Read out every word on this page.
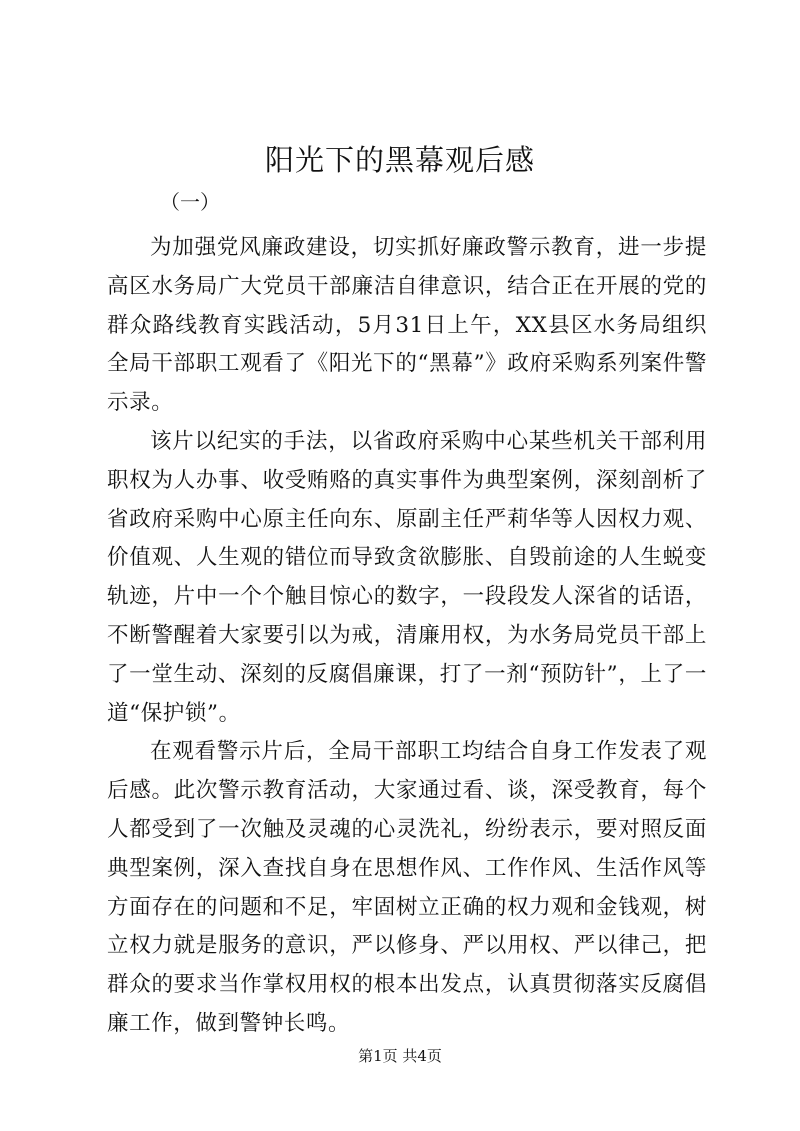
阳光下的黑幕观后感

（一）

为加强党风廉政建设，切实抓好廉政警示教育，进一步提高区水务局广大党员干部廉洁自律意识，结合正在开展的党的群众路线教育实践活动，5月31日上午，XX县区水务局组织全局干部职工观看了《阳光下的“黑幕”》政府采购系列案件警示录。

该片以纪实的手法，以省政府采购中心某些机关干部利用职权为人办事、收受贿赂的真实事件为典型案例，深刻剖析了省政府采购中心原主任向东、原副主任严莉华等人因权力观、价值观、人生观的错位而导致贪欲膨胀、自毁前途的人生蜕变轨迹，片中一个个触目惊心的数字，一段段发人深省的话语，不断警醒着大家要引以为戒，清廉用权，为水务局党员干部上了一堂生动、深刻的反腐倡廉课，打了一剂“预防针”，上了一道“保护锁”。

在观看警示片后，全局干部职工均结合自身工作发表了观后感。此次警示教育活动，大家通过看、谈，深受教育，每个人都受到了一次触及灵魂的心灵洗礼，纷纷表示，要对照反面典型案例，深入查找自身在思想作风、工作作风、生活作风等方面存在的问题和不足，牢固树立正确的权力观和金钱观，树立权力就是服务的意识，严以修身、严以用权、严以律己，把群众的要求当作掌权用权的根本出发点，认真贯彻落实反腐倡廉工作，做到警钟长鸣。

第1页 共4页
